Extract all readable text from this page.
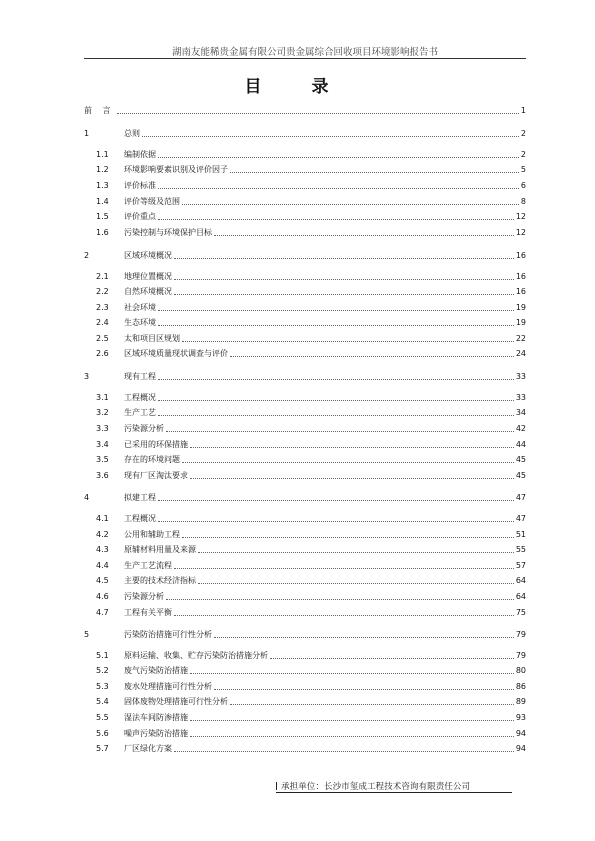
湖南友能稀贵金属有限公司贵金属综合回收项目环境影响报告书
目 录
前 言	1
1	总则	2
1.1	编制依据	2
1.2	环境影响要素识别及评价因子	5
1.3	评价标准	6
1.4	评价等级及范围	8
1.5	评价重点	12
1.6	污染控制与环境保护目标	12
2	区域环境概况	16
2.1	地理位置概况	16
2.2	自然环境概况	16
2.3	社会环境	19
2.4	生态环境	19
2.5	太和项目区规划	22
2.6	区域环境质量现状调查与评价	24
3	现有工程	33
3.1	工程概况	33
3.2	生产工艺	34
3.3	污染源分析	42
3.4	已采用的环保措施	44
3.5	存在的环境问题	45
3.6	现有厂区淘汰要求	45
4	拟建工程	47
4.1	工程概况	47
4.2	公用和辅助工程	51
4.3	原辅材料用量及来源	55
4.4	生产工艺流程	57
4.5	主要的技术经济指标	64
4.6	污染源分析	64
4.7	工程有关平衡	75
5	污染防治措施可行性分析	79
5.1	原料运输、收集、贮存污染防治措施分析	79
5.2	废气污染防治措施	80
5.3	废水处理措施可行性分析	86
5.4	固体废物处理措施可行性分析	89
5.5	湿法车间防渗措施	93
5.6	噪声污染防治措施	94
5.7	厂区绿化方案	94
承担单位：长沙市玺成工程技术咨询有限责任公司
